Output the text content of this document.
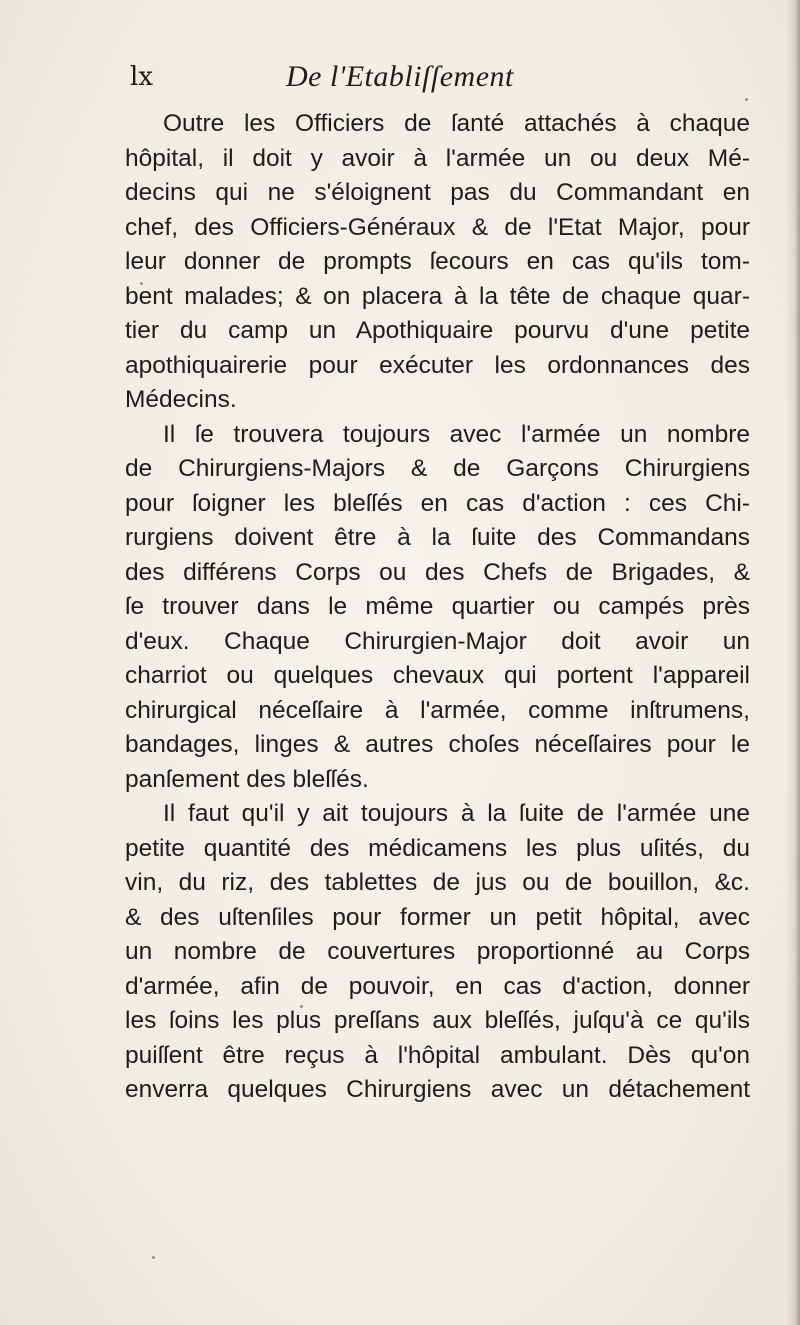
lx	De l'Etabliſſement
Outre les Officiers de ſanté attachés à chaque
hôpital, il doit y avoir à l'armée un ou deux Mé-
decins qui ne s'éloignent pas du Commandant en
chef, des Officiers-Généraux & de l'Etat Major, pour
leur donner de prompts ſecours en cas qu'ils tom-
bent malades; & on placera à la tête de chaque quar-
tier du camp un Apothiquaire pourvu d'une petite
apothiquairerie pour exécuter les ordonnances des
Médecins.
Il ſe trouvera toujours avec l'armée un nombre
de Chirurgiens-Majors & de Garçons Chirurgiens
pour ſoigner les bleſſés en cas d'action : ces Chi-
rurgiens doivent être à la ſuite des Commandans
des différens Corps ou des Chefs de Brigades, &
ſe trouver dans le même quartier ou campés près
d'eux. Chaque Chirurgien-Major doit avoir un
charriot ou quelques chevaux qui portent l'appareil
chirurgical néceſſaire à l'armée, comme inſtrumens,
bandages, linges & autres choſes néceſſaires pour le
panſement des bleſſés.
Il faut qu'il y ait toujours à la ſuite de l'armée une
petite quantité des médicamens les plus uſités, du
vin, du riz, des tablettes de jus ou de bouillon, &c.
& des uſtenſiles pour former un petit hôpital, avec
un nombre de couvertures proportionné au Corps
d'armée, afin de pouvoir, en cas d'action, donner
les ſoins les plus preſſans aux bleſſés, juſqu'à ce qu'ils
puiſſent être reçus à l'hôpital ambulant. Dès qu'on
enverra quelques Chirurgiens avec un détachement
